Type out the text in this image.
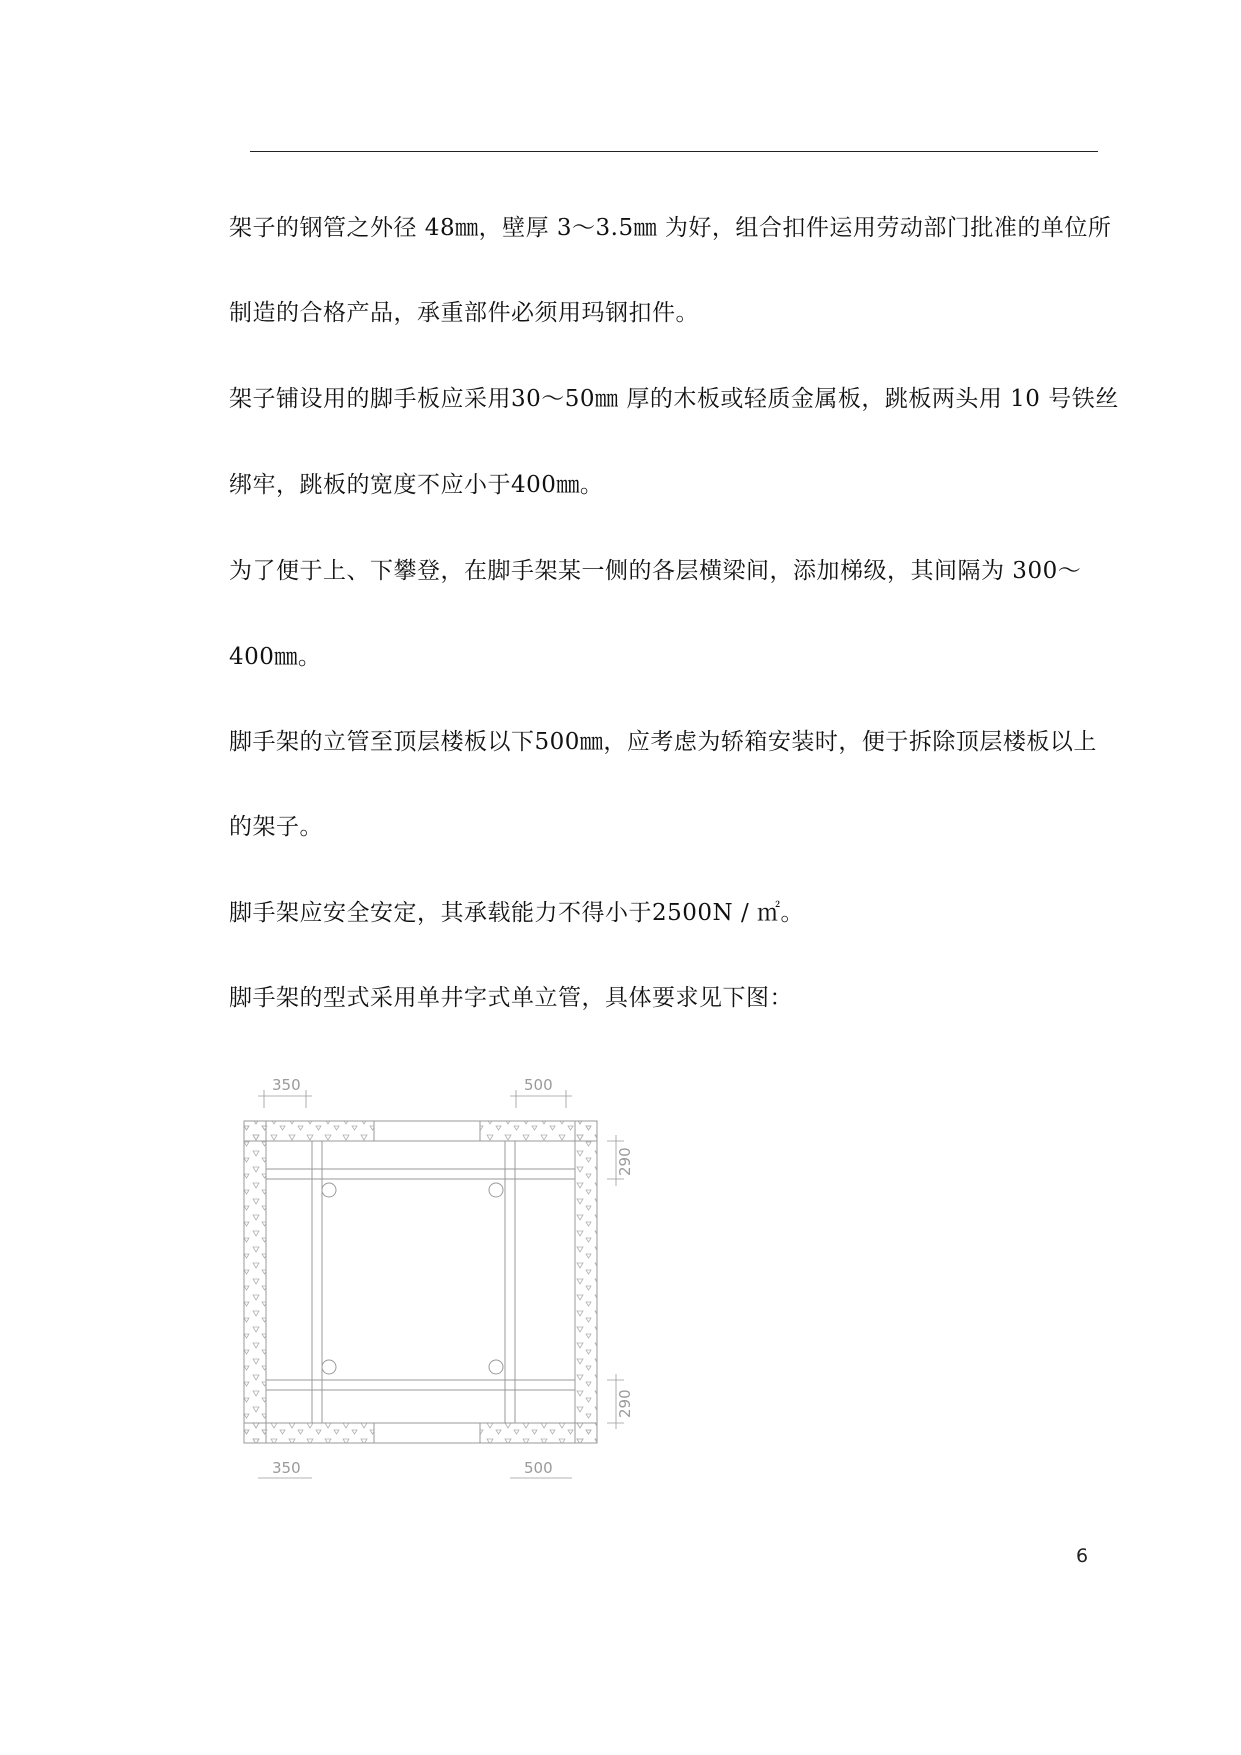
架子的钢管之外径 48㎜，壁厚 3～3.5㎜ 为好，组合扣件运用劳动部门批准的单位所

制造的合格产品，承重部件必须用玛钢扣件。

架子铺设用的脚手板应采用30～50㎜ 厚的木板或轻质金属板，跳板两头用 10 号铁丝

绑牢，跳板的宽度不应小于400㎜。

为了便于上、下攀登，在脚手架某一侧的各层横梁间，添加梯级，其间隔为 300～

400㎜。

脚手架的立管至顶层楼板以下500㎜，应考虑为轿箱安装时，便于拆除顶层楼板以上

的架子。

脚手架应安全安定，其承载能力不得小于2500N / ㎡。

脚手架的型式采用单井字式单立管，具体要求见下图：

350	500
350	500
290
290
6
